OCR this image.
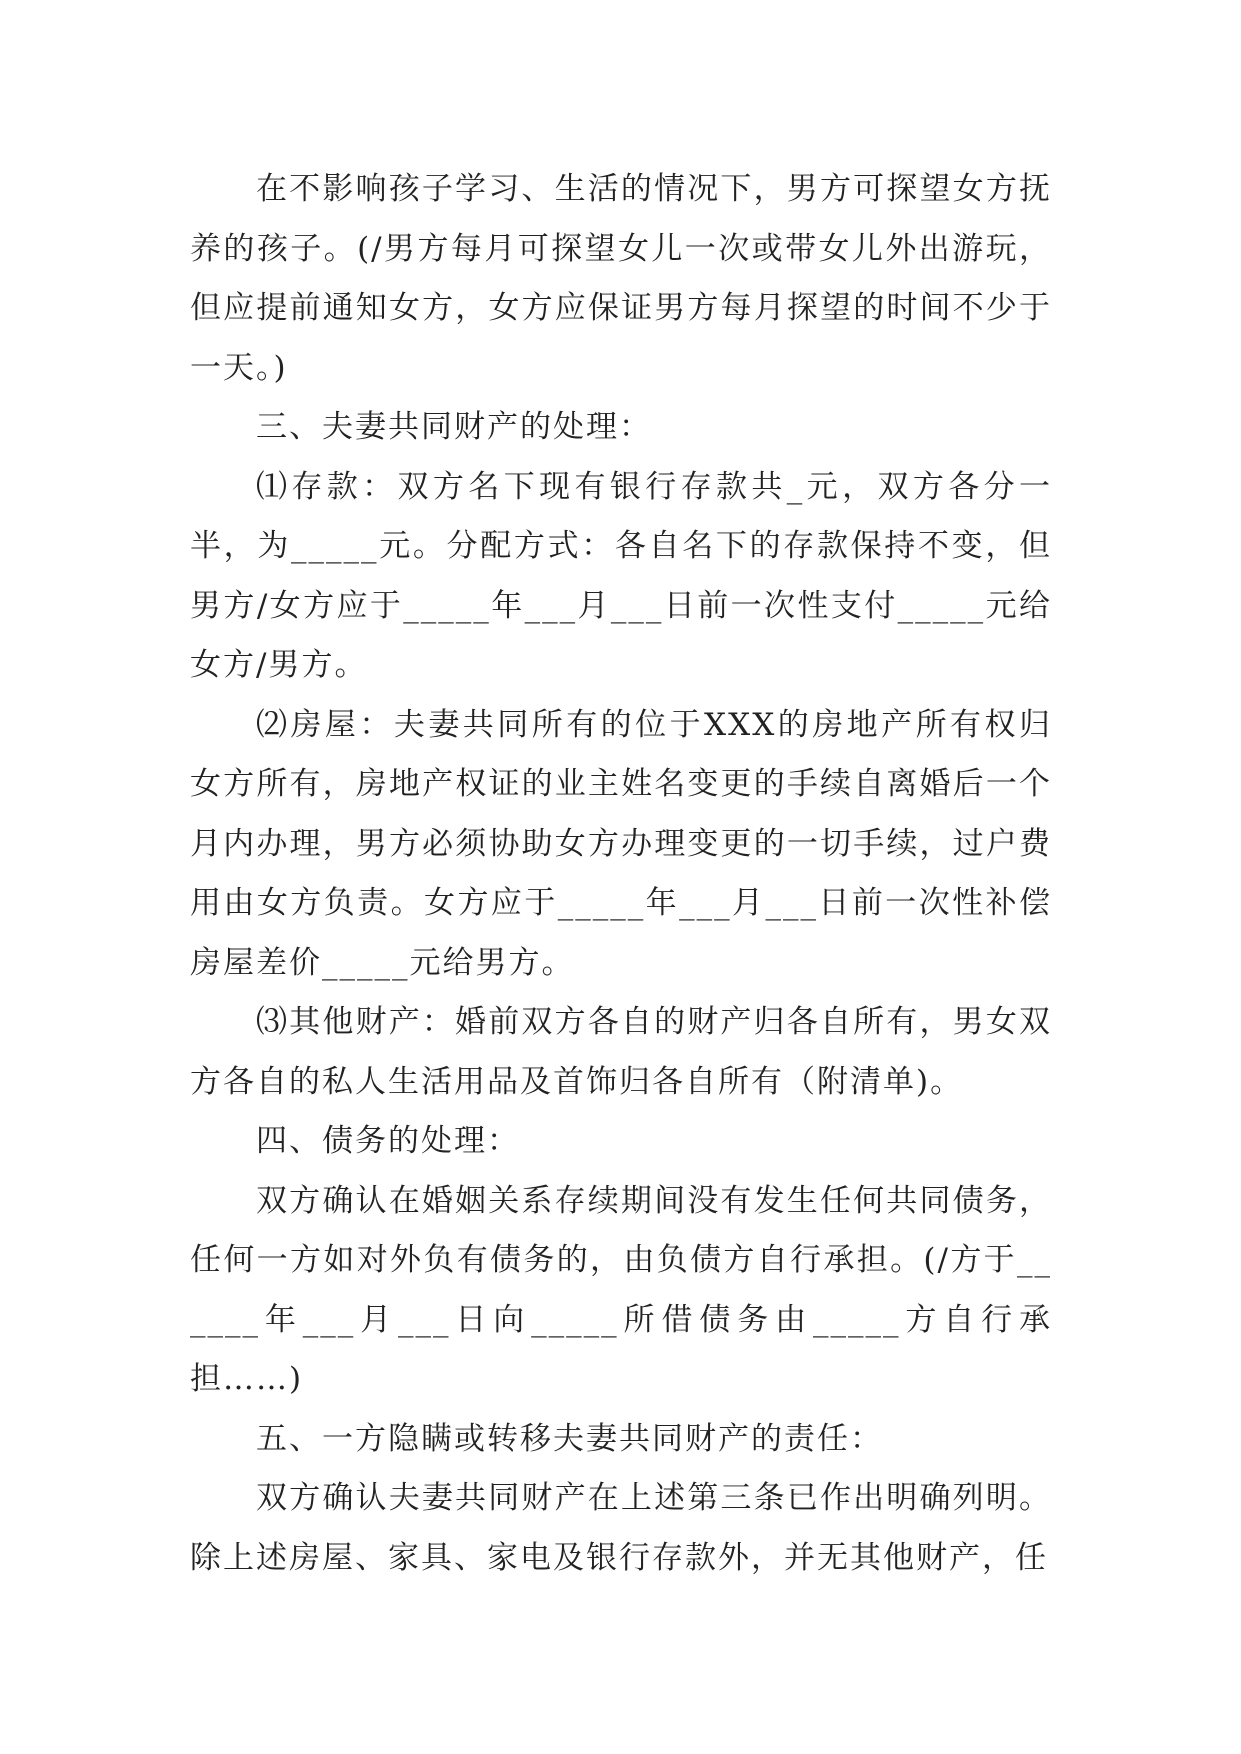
在不影响孩子学习、生活的情况下，男方可探望女方抚养的孩子。(/男方每月可探望女儿一次或带女儿外出游玩，但应提前通知女方，女方应保证男方每月探望的时间不少于一天。)

三、夫妻共同财产的处理：

⑴存款：双方名下现有银行存款共_元，双方各分一半，为_____元。分配方式：各自名下的存款保持不变，但男方/女方应于_____年___月___日前一次性支付_____元给女方/男方。

⑵房屋：夫妻共同所有的位于XXX的房地产所有权归女方所有，房地产权证的业主姓名变更的手续自离婚后一个月内办理，男方必须协助女方办理变更的一切手续，过户费用由女方负责。女方应于_____年___月___日前一次性补偿房屋差价_____元给男方。

⑶其他财产：婚前双方各自的财产归各自所有，男女双方各自的私人生活用品及首饰归各自所有（附清单)。

四、债务的处理：

双方确认在婚姻关系存续期间没有发生任何共同债务，任何一方如对外负有债务的，由负债方自行承担。(/方于______年___月___日向_____所借债务由_____方自行承担……)

五、一方隐瞒或转移夫妻共同财产的责任：

双方确认夫妻共同财产在上述第三条已作出明确列明。除上述房屋、家具、家电及银行存款外，并无其他财产，任
